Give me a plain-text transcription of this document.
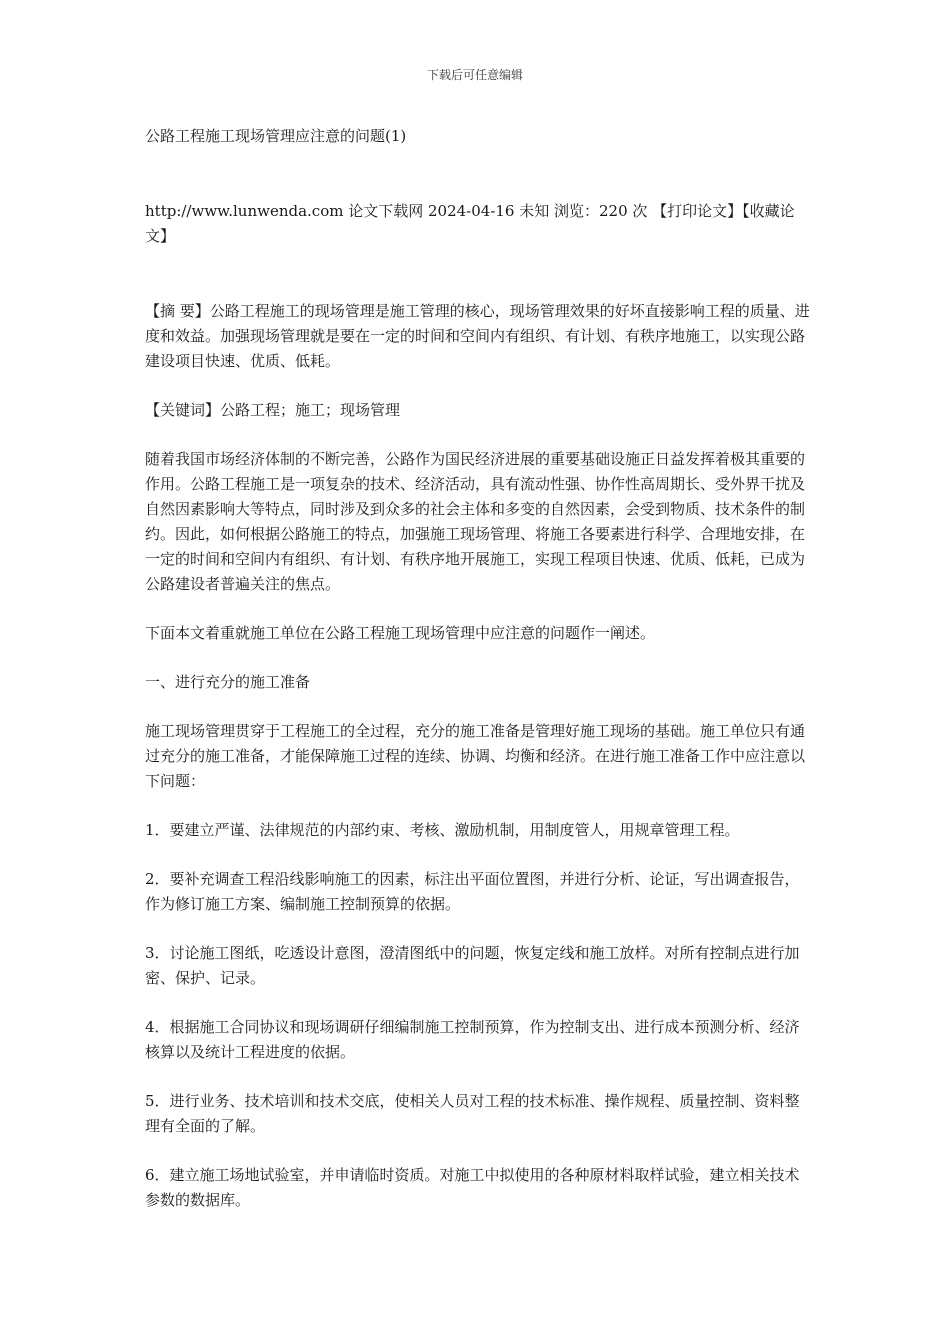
下载后可任意编辑

公路工程施工现场管理应注意的问题(1)

http://www.lunwenda.com 论文下载网 2024-04-16 未知 浏览：220 次 【打印论文】【收藏论文】

【摘 要】公路工程施工的现场管理是施工管理的核心，现场管理效果的好坏直接影响工程的质量、进度和效益。加强现场管理就是要在一定的时间和空间内有组织、有计划、有秩序地施工，以实现公路建设项目快速、优质、低耗。

【关键词】公路工程；施工；现场管理

随着我国市场经济体制的不断完善，公路作为国民经济进展的重要基础设施正日益发挥着极其重要的作用。公路工程施工是一项复杂的技术、经济活动，具有流动性强、协作性高周期长、受外界干扰及自然因素影响大等特点，同时涉及到众多的社会主体和多变的自然因素，会受到物质、技术条件的制约。因此，如何根据公路施工的特点，加强施工现场管理、将施工各要素进行科学、合理地安排，在一定的时间和空间内有组织、有计划、有秩序地开展施工，实现工程项目快速、优质、低耗，已成为公路建设者普遍关注的焦点。

下面本文着重就施工单位在公路工程施工现场管理中应注意的问题作一阐述。

一、进行充分的施工准备

施工现场管理贯穿于工程施工的全过程，充分的施工准备是管理好施工现场的基础。施工单位只有通过充分的施工准备，才能保障施工过程的连续、协调、均衡和经济。在进行施工准备工作中应注意以下问题：

1．要建立严谨、法律规范的内部约束、考核、激励机制，用制度管人，用规章管理工程。

2．要补充调查工程沿线影响施工的因素，标注出平面位置图，并进行分析、论证，写出调查报告，作为修订施工方案、编制施工控制预算的依据。

3．讨论施工图纸，吃透设计意图，澄清图纸中的问题，恢复定线和施工放样。对所有控制点进行加密、保护、记录。

4．根据施工合同协议和现场调研仔细编制施工控制预算，作为控制支出、进行成本预测分析、经济核算以及统计工程进度的依据。

5．进行业务、技术培训和技术交底，使相关人员对工程的技术标准、操作规程、质量控制、资料整理有全面的了解。

6．建立施工场地试验室，并申请临时资质。对施工中拟使用的各种原材料取样试验，建立相关技术参数的数据库。
